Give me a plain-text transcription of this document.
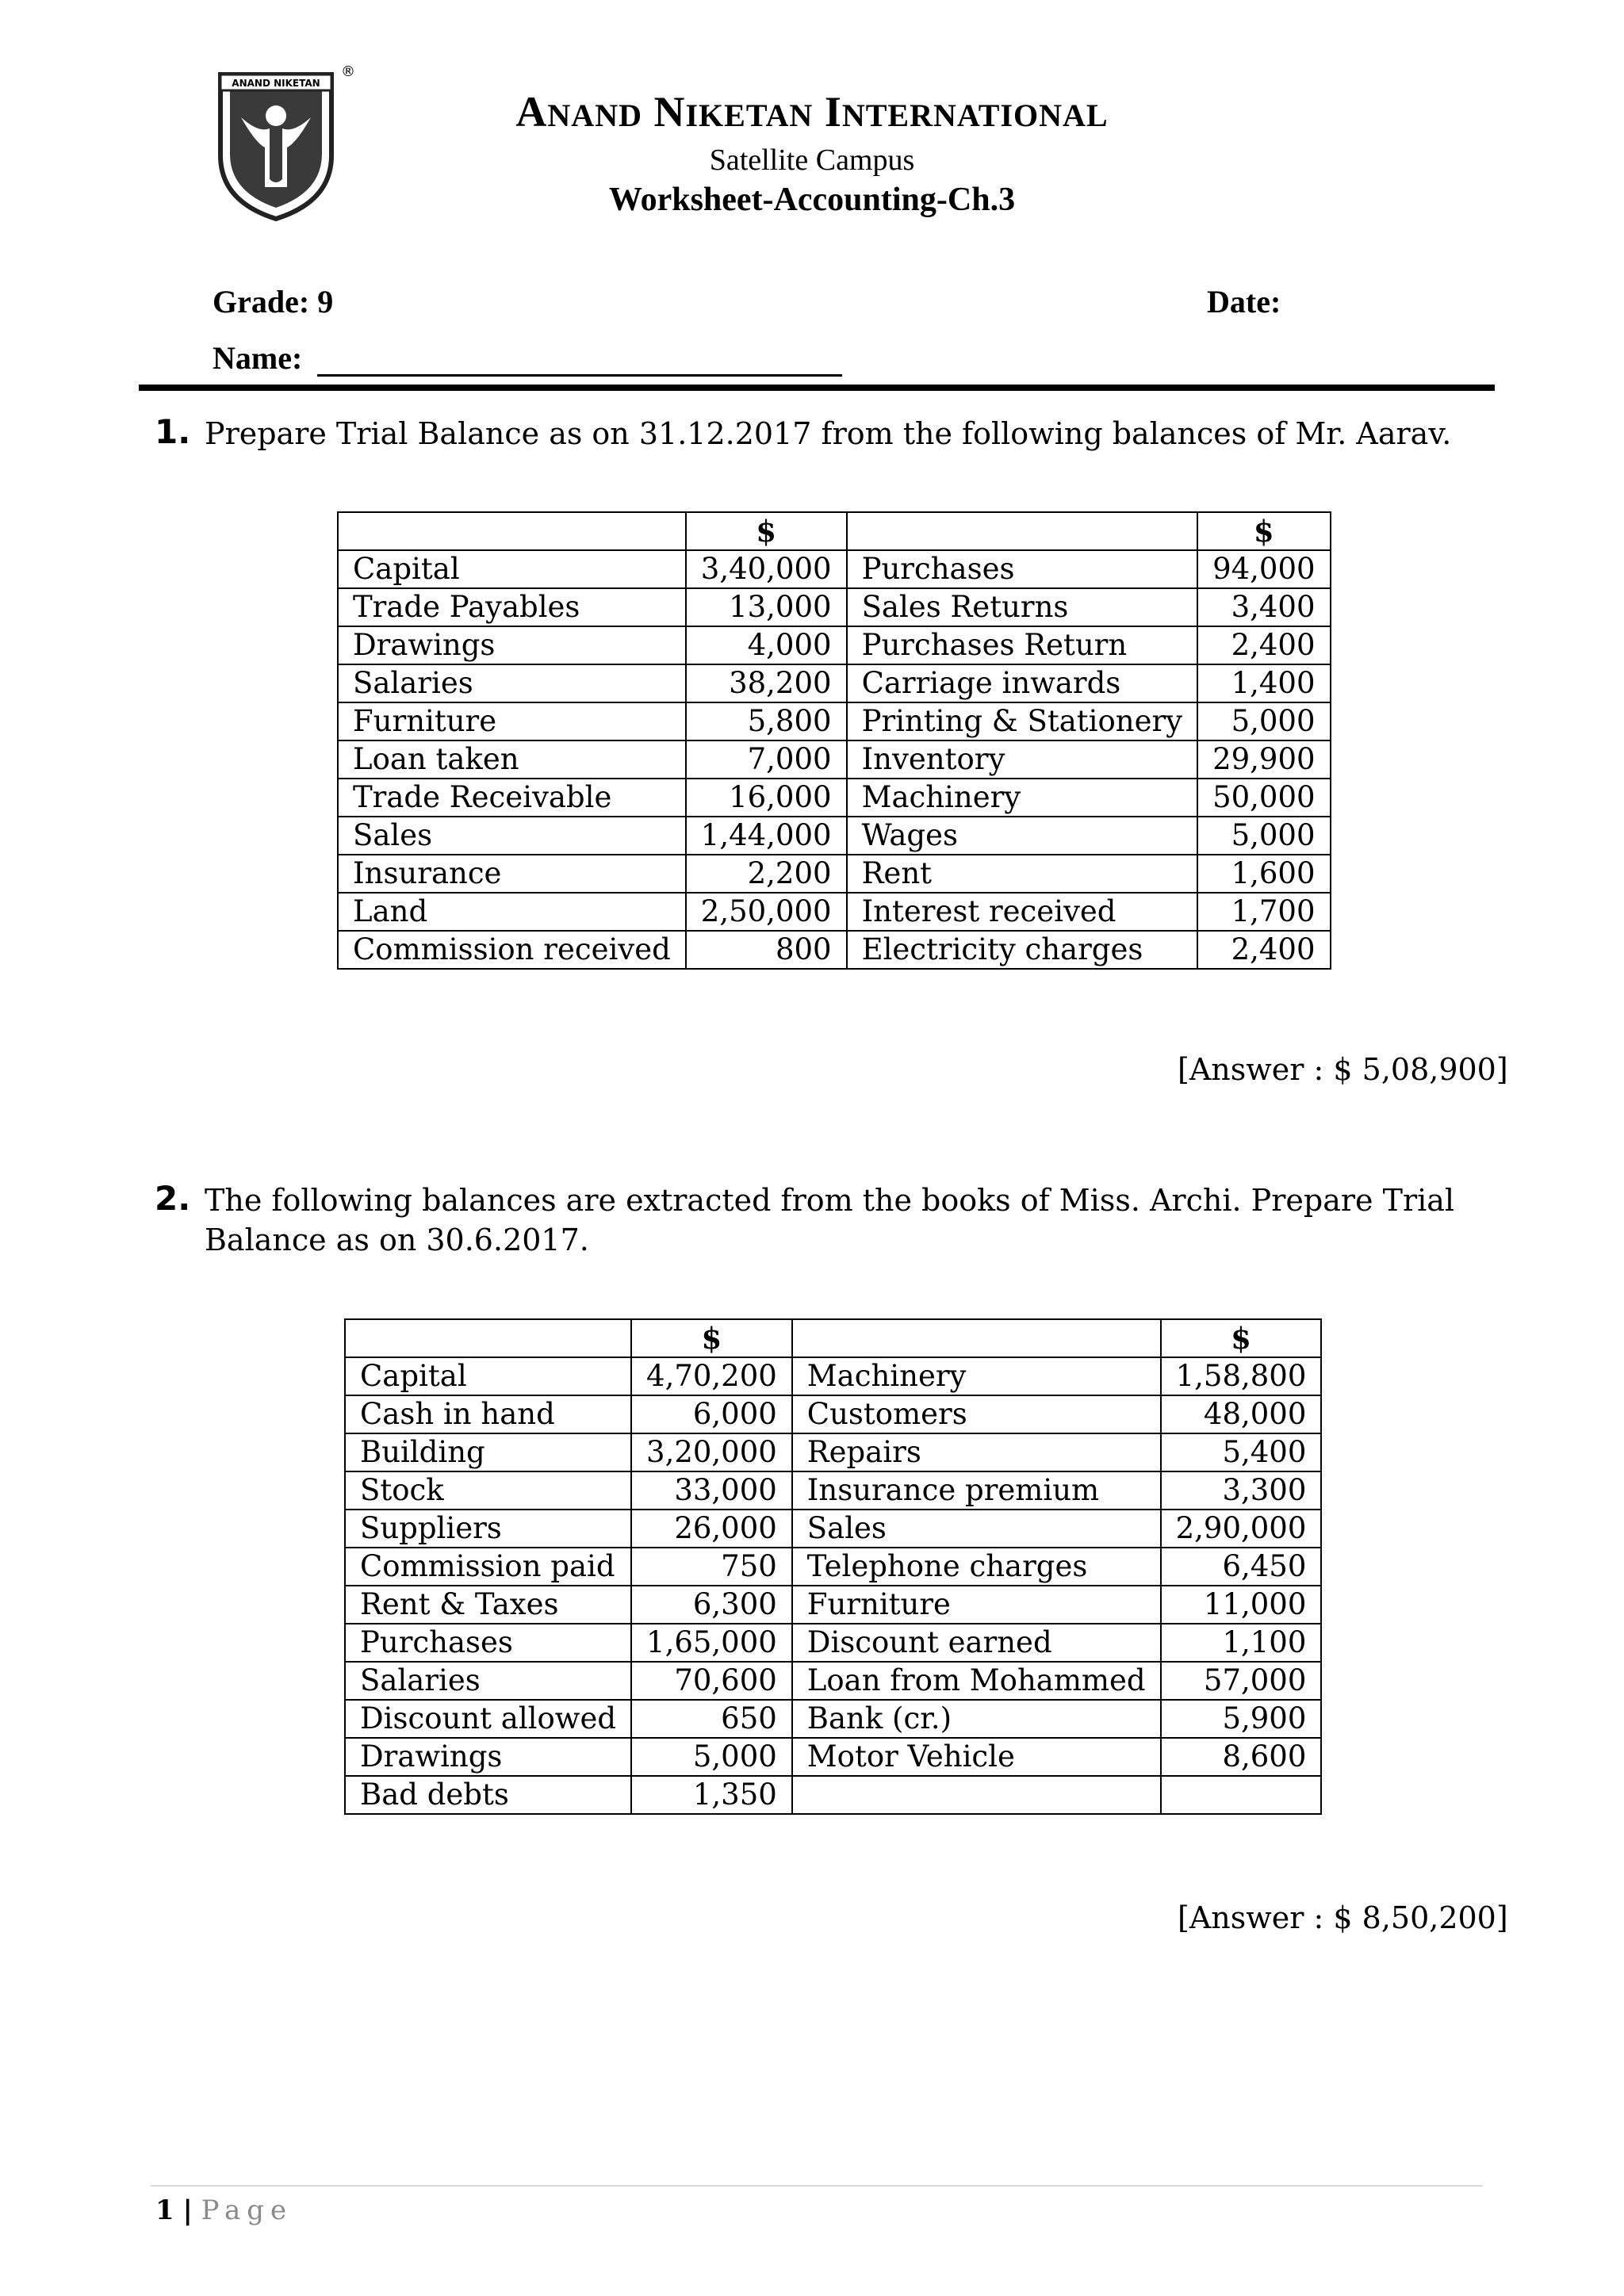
®
ANAND NIKETAN
ANAND NIKETAN INTERNATIONAL
Satellite Campus
Worksheet-Accounting-Ch.3
Grade: 9	Date:
Name:
1. Prepare Trial Balance as on 31.12.2017 from the following balances of Mr. Aarav.
	$		$
Capital	3,40,000	Purchases	94,000
Trade Payables	13,000	Sales Returns	3,400
Drawings	4,000	Purchases Return	2,400
Salaries	38,200	Carriage inwards	1,400
Furniture	5,800	Printing & Stationery	5,000
Loan taken	7,000	Inventory	29,900
Trade Receivable	16,000	Machinery	50,000
Sales	1,44,000	Wages	5,000
Insurance	2,200	Rent	1,600
Land	2,50,000	Interest received	1,700
Commission received	800	Electricity charges	2,400
[Answer : $ 5,08,900]
2. The following balances are extracted from the books of Miss. Archi. Prepare Trial Balance as on 30.6.2017.
	$		$
Capital	4,70,200	Machinery	1,58,800
Cash in hand	6,000	Customers	48,000
Building	3,20,000	Repairs	5,400
Stock	33,000	Insurance premium	3,300
Suppliers	26,000	Sales	2,90,000
Commission paid	750	Telephone charges	6,450
Rent & Taxes	6,300	Furniture	11,000
Purchases	1,65,000	Discount earned	1,100
Salaries	70,600	Loan from Mohammed	57,000
Discount allowed	650	Bank (cr.)	5,900
Drawings	5,000	Motor Vehicle	8,600
Bad debts	1,350		
[Answer : $ 8,50,200]
1 | Page
